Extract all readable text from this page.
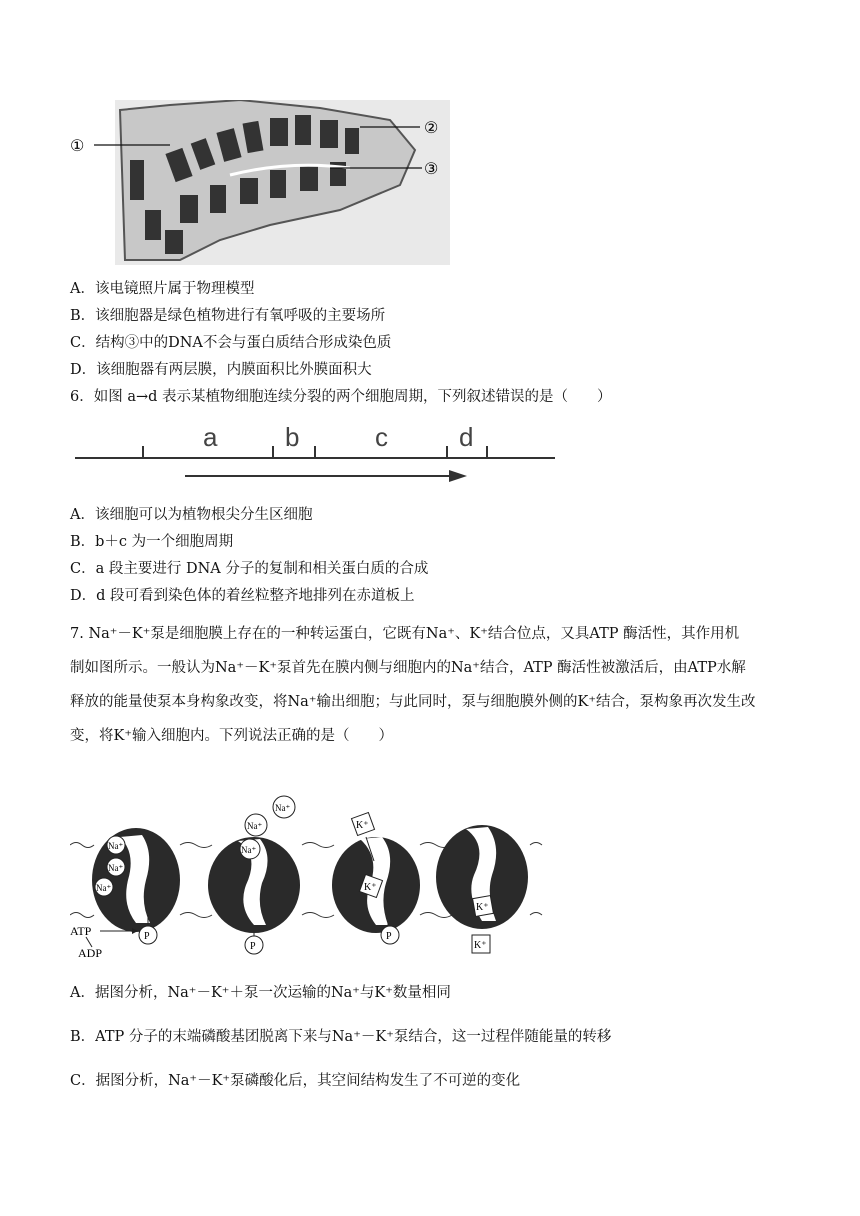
①
②
③
A．该电镜照片属于物理模型
B．该细胞器是绿色植物进行有氧呼吸的主要场所
C．结构③中的DNA不会与蛋白质结合形成染色质
D．该细胞器有两层膜，内膜面积比外膜面积大
6．如图 a→d 表示某植物细胞连续分裂的两个细胞周期，下列叙述错误的是（　　）
a	b	c	d
A．该细胞可以为植物根尖分生区细胞
B．b＋c 为一个细胞周期
C．a 段主要进行 DNA 分子的复制和相关蛋白质的合成
D．d 段可看到染色体的着丝粒整齐地排列在赤道板上
7. Na⁺－K⁺泵是细胞膜上存在的一种转运蛋白，它既有Na⁺、K⁺结合位点，又具ATP 酶活性，其作用机
制如图所示。一般认为Na⁺－K⁺泵首先在膜内侧与细胞内的Na⁺结合，ATP 酶活性被激活后，由ATP水解
释放的能量使泵本身构象改变，将Na⁺输出细胞；与此同时，泵与细胞膜外侧的K⁺结合，泵构象再次发生改
变，将K⁺输入细胞内。下列说法正确的是（　　）
Na⁺
Na⁺
Na⁺
P
ATP
ADP
Na⁺
Na⁺
Na⁺
P
K⁺
K⁺
P
K⁺
K⁺
A．据图分析，Na⁺－K⁺＋泵一次运输的Na⁺与K⁺数量相同
B．ATP 分子的末端磷酸基团脱离下来与Na⁺－K⁺泵结合，这一过程伴随能量的转移
C．据图分析，Na⁺－K⁺泵磷酸化后，其空间结构发生了不可逆的变化
